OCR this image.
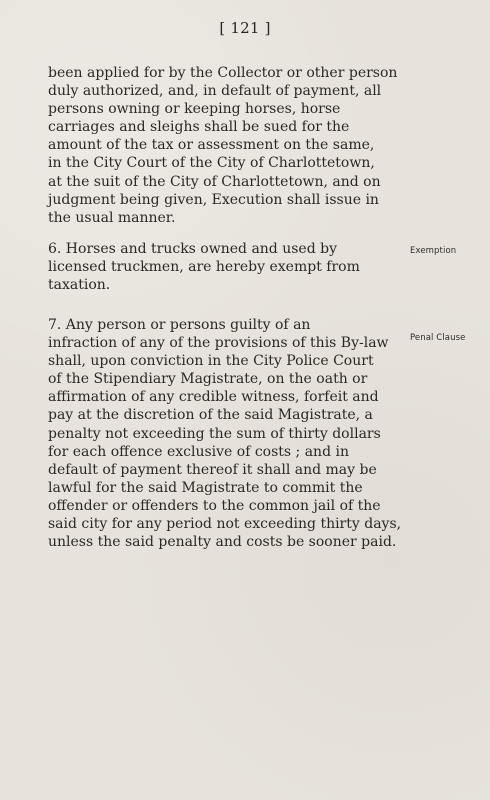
[ 121 ]
been applied for by the Collector or other person
duly authorized, and, in default of payment, all
persons owning or keeping horses, horse
carriages and sleighs shall be sued for the
amount of the tax or assessment on the same,
in the City Court of the City of Charlottetown,
at the suit of the City of Charlottetown, and on
judgment being given, Execution shall issue in
the usual manner.
6. Horses and trucks owned and used by
licensed truckmen, are hereby exempt from
taxation.
7. Any person or persons guilty of an
infraction of any of the provisions of this By-law
shall, upon conviction in the City Police Court
of the Stipendiary Magistrate, on the oath or
affirmation of any credible witness, forfeit and
pay at the discretion of the said Magistrate, a
penalty not exceeding the sum of thirty dollars
for each offence exclusive of costs ; and in
default of payment thereof it shall and may be
lawful for the said Magistrate to commit the
offender or offenders to the common jail of the
said city for any period not exceeding thirty days,
unless the said penalty and costs be sooner paid.
Exemption
Penal Clause
